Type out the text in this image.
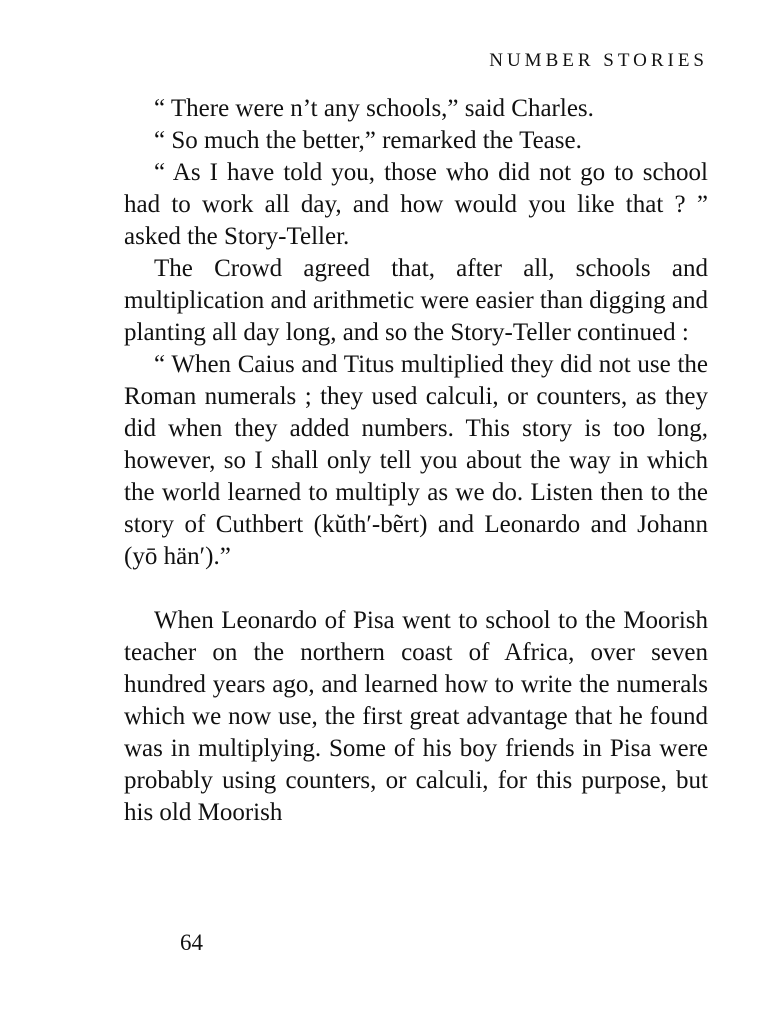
NUMBER STORIES

“ There were n’t any schools,” said Charles.

“ So much the better,” remarked the Tease.

“ As I have told you, those who did not go to school had to work all day, and how would you like that ? ” asked the Story-Teller.

The Crowd agreed that, after all, schools and multiplication and arithmetic were easier than digging and planting all day long, and so the Story-Teller continued :

“ When Caius and Titus multiplied they did not use the Roman numerals ; they used calculi, or counters, as they did when they added numbers. This story is too long, however, so I shall only tell you about the way in which the world learned to multiply as we do. Listen then to the story of Cuthbert (kŭth′-bẽrt) and Leonardo and Johann (yō hän′).”

When Leonardo of Pisa went to school to the Moorish teacher on the northern coast of Africa, over seven hundred years ago, and learned how to write the numerals which we now use, the first great advantage that he found was in multiplying. Some of his boy friends in Pisa were probably using counters, or calculi, for this purpose, but his old Moorish

64
